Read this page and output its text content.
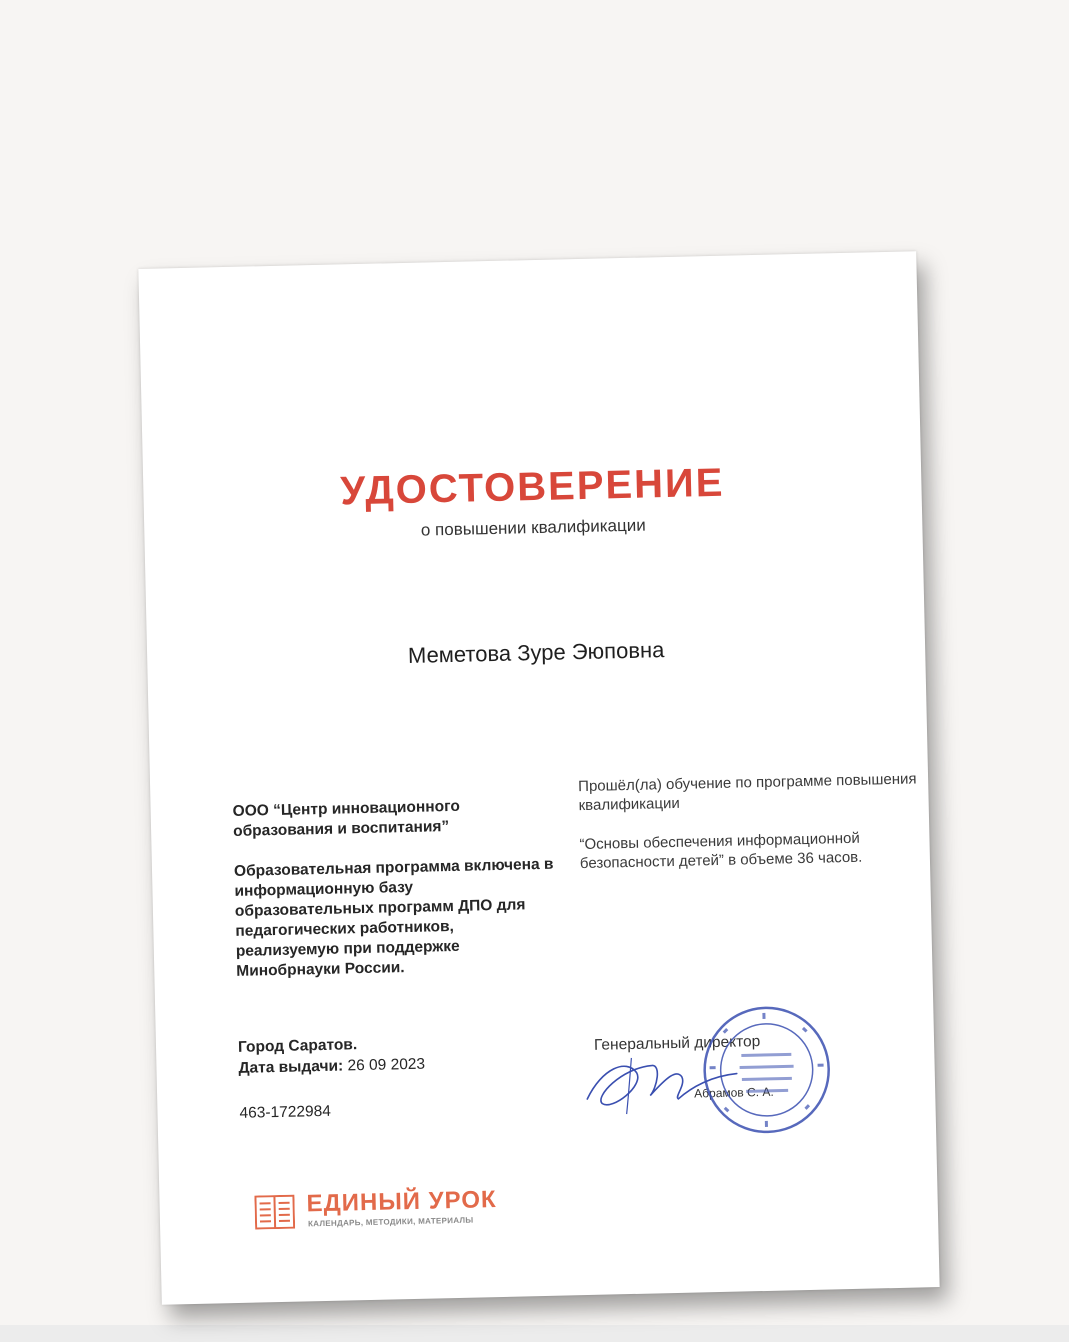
УДОСТОВЕРЕНИЕ
о повышении квалификации
Меметова Зуре Эюповна
ООО “Центр инновационного образования и воспитания”
Образовательная программа включена в информационную базу образовательных программ ДПО для педагогических работников, реализуемую при поддержке Минобрнауки России.
Прошёл(ла) обучение по программе повышения квалификации
“Основы обеспечения информационной безопасности детей” в объеме 36 часов.
Город Саратов.
Дата выдачи: 26 09 2023
463-1722984
Генеральный директор
Абрамов С. А.
ЕДИНЫЙ УРОК
КАЛЕНДАРЬ, МЕТОДИКИ, МАТЕРИАЛЫ
